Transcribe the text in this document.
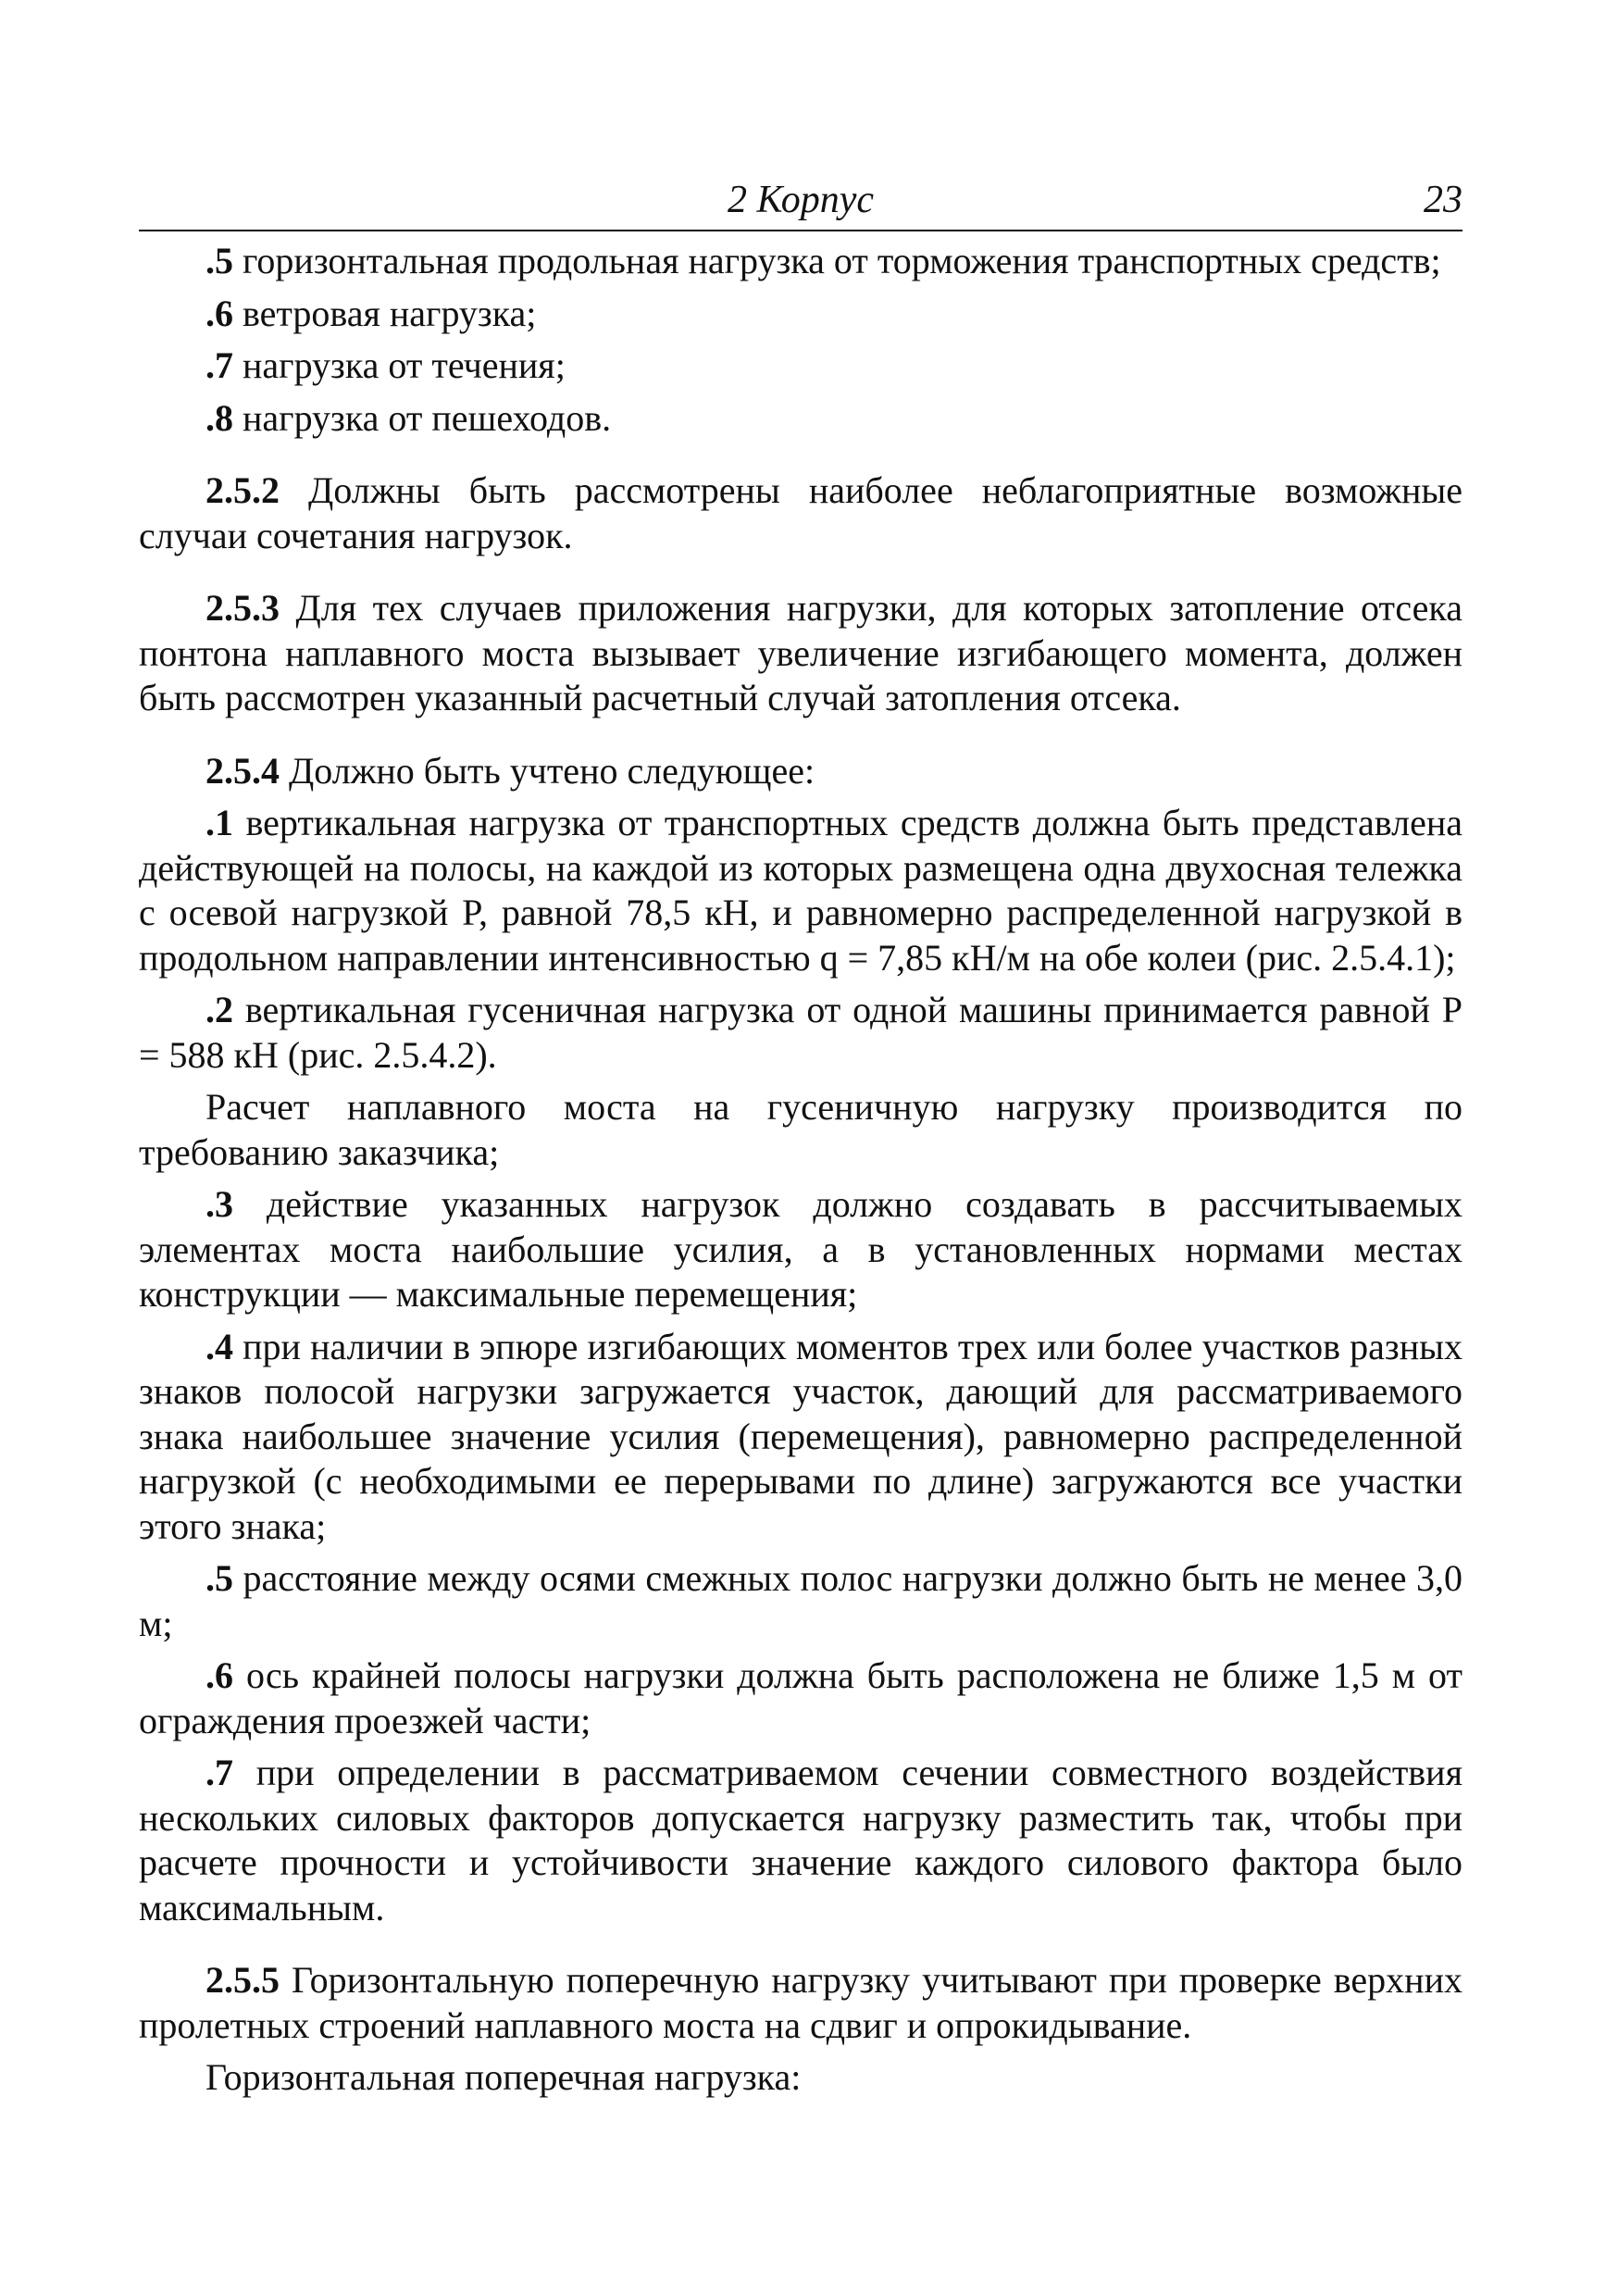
2 Корпус	23

.5 горизонтальная продольная нагрузка от торможения транспортных средств;

.6 ветровая нагрузка;

.7 нагрузка от течения;

.8 нагрузка от пешеходов.

2.5.2 Должны быть рассмотрены наиболее неблагоприятные возможные случаи сочетания нагрузок.

2.5.3 Для тех случаев приложения нагрузки, для которых затопление отсека понтона наплавного моста вызывает увеличение изгибающего момента, должен быть рассмотрен указанный расчетный случай затопления отсека.

2.5.4 Должно быть учтено следующее:

.1 вертикальная нагрузка от транспортных средств должна быть представлена действующей на полосы, на каждой из которых размещена одна двухосная тележка с осевой нагрузкой P, равной 78,5 кН, и равномерно распределенной нагрузкой в продольном направлении интенсивностью q = 7,85 кН/м на обе колеи (рис. 2.5.4.1);

.2 вертикальная гусеничная нагрузка от одной машины принимается равной P = 588 кН (рис. 2.5.4.2).

Расчет наплавного моста на гусеничную нагрузку производится по требованию заказчика;

.3 действие указанных нагрузок должно создавать в рассчитываемых элементах моста наибольшие усилия, а в установленных нормами местах конструкции — максимальные перемещения;

.4 при наличии в эпюре изгибающих моментов трех или более участков разных знаков полосой нагрузки загружается участок, дающий для рассматриваемого знака наибольшее значение усилия (перемещения), равномерно распределенной нагрузкой (с необходимыми ее перерывами по длине) загружаются все участки этого знака;

.5 расстояние между осями смежных полос нагрузки должно быть не менее 3,0 м;

.6 ось крайней полосы нагрузки должна быть расположена не ближе 1,5 м от ограждения проезжей части;

.7 при определении в рассматриваемом сечении совместного воздействия нескольких силовых факторов допускается нагрузку разместить так, чтобы при расчете прочности и устойчивости значение каждого силового фактора было максимальным.

2.5.5 Горизонтальную поперечную нагрузку учитывают при проверке верхних пролетных строений наплавного моста на сдвиг и опрокидывание.

Горизонтальная поперечная нагрузка:
